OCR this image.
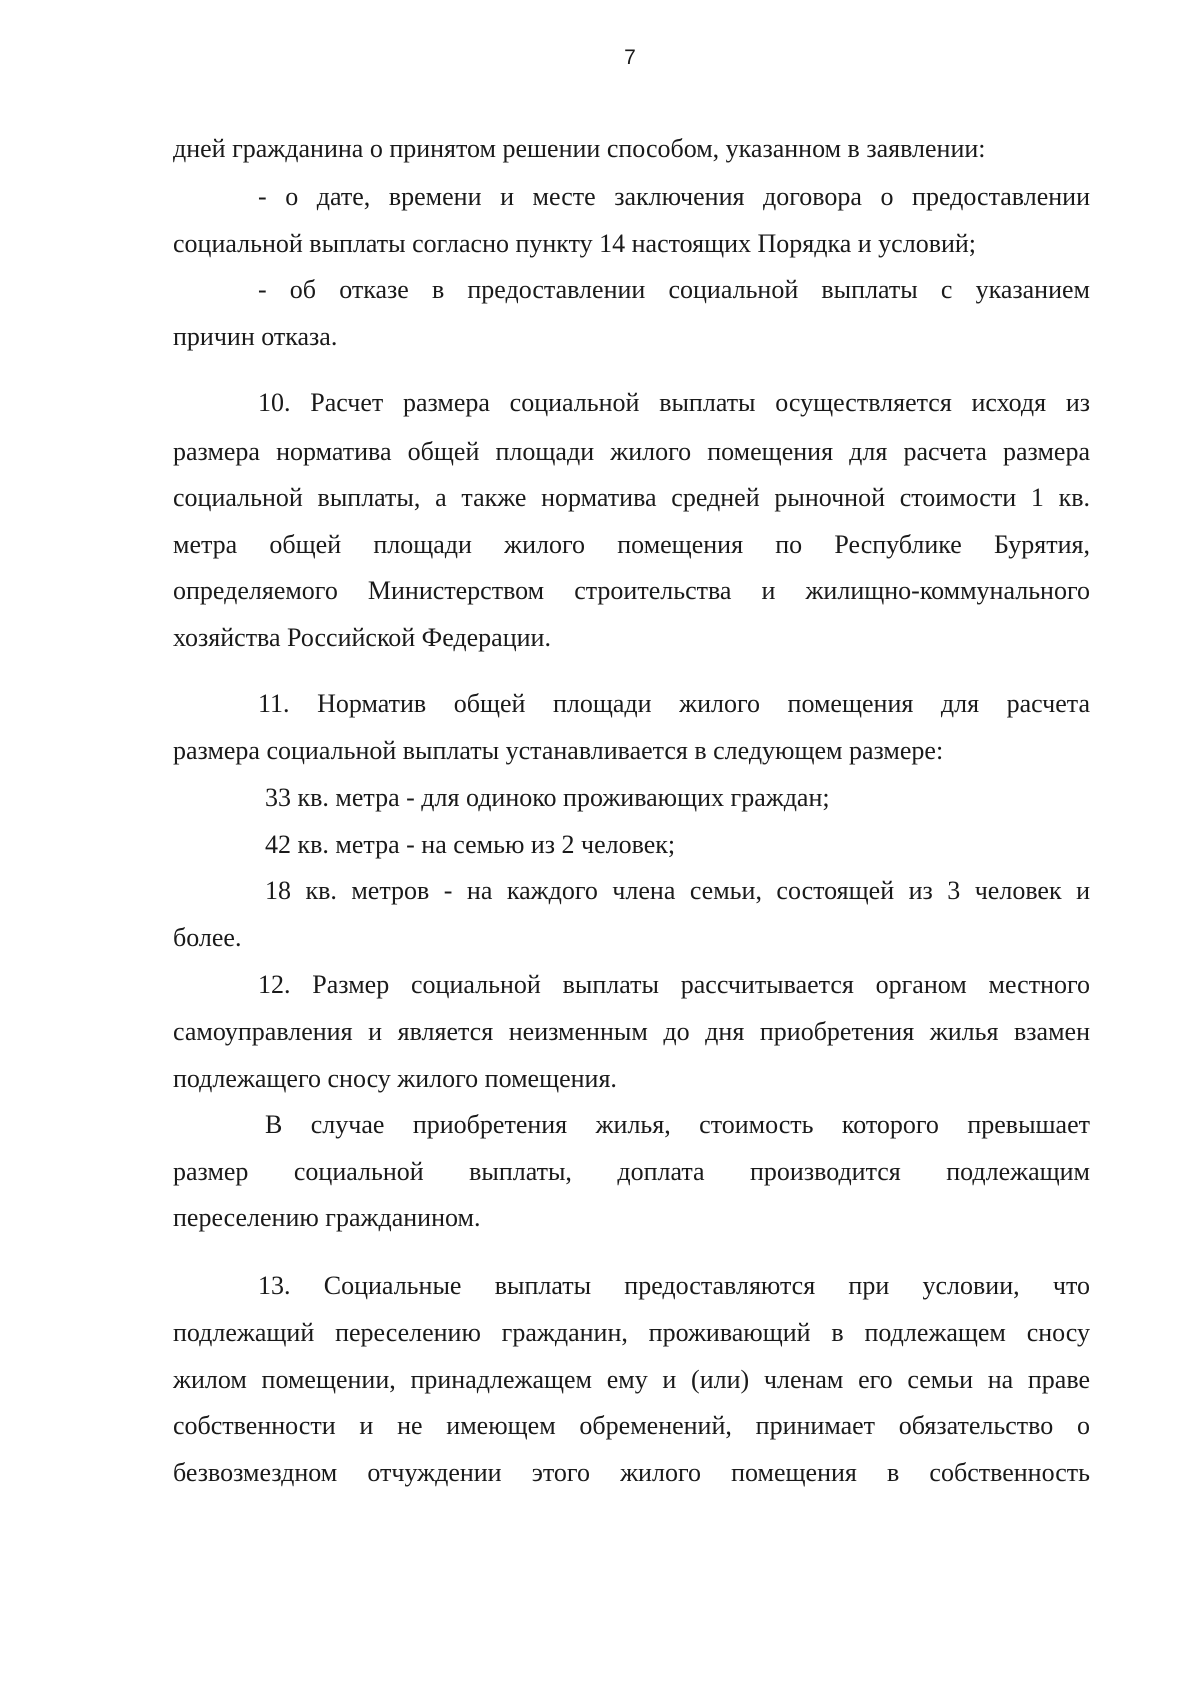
7
дней гражданина о принятом решении способом, указанном в заявлении:
- о дате, времени и месте заключения договора о предоставлении
социальной выплаты согласно пункту 14 настоящих Порядка и условий;
- об отказе в предоставлении социальной выплаты с указанием
причин отказа.
10. Расчет размера социальной выплаты осуществляется исходя из
размера норматива общей площади жилого помещения для расчета размера
социальной выплаты, а также норматива средней рыночной стоимости 1 кв.
метра общей площади жилого помещения по Республике Бурятия,
определяемого Министерством строительства и жилищно-коммунального
хозяйства Российской Федерации.
11. Норматив общей площади жилого помещения для расчета
размера социальной выплаты устанавливается в следующем размере:
33 кв. метра - для одиноко проживающих граждан;
42 кв. метра - на семью из 2 человек;
18 кв. метров - на каждого члена семьи, состоящей из 3 человек и
более.
12. Размер социальной выплаты рассчитывается органом местного
самоуправления и является неизменным до дня приобретения жилья взамен
подлежащего сносу жилого помещения.
В случае приобретения жилья, стоимость которого превышает
размер социальной выплаты, доплата производится подлежащим
переселению гражданином.
13. Социальные выплаты предоставляются при условии, что
подлежащий переселению гражданин, проживающий в подлежащем сносу
жилом помещении, принадлежащем ему и (или) членам его семьи на праве
собственности и не имеющем обременений, принимает обязательство о
безвозмездном отчуждении этого жилого помещения в собственность
